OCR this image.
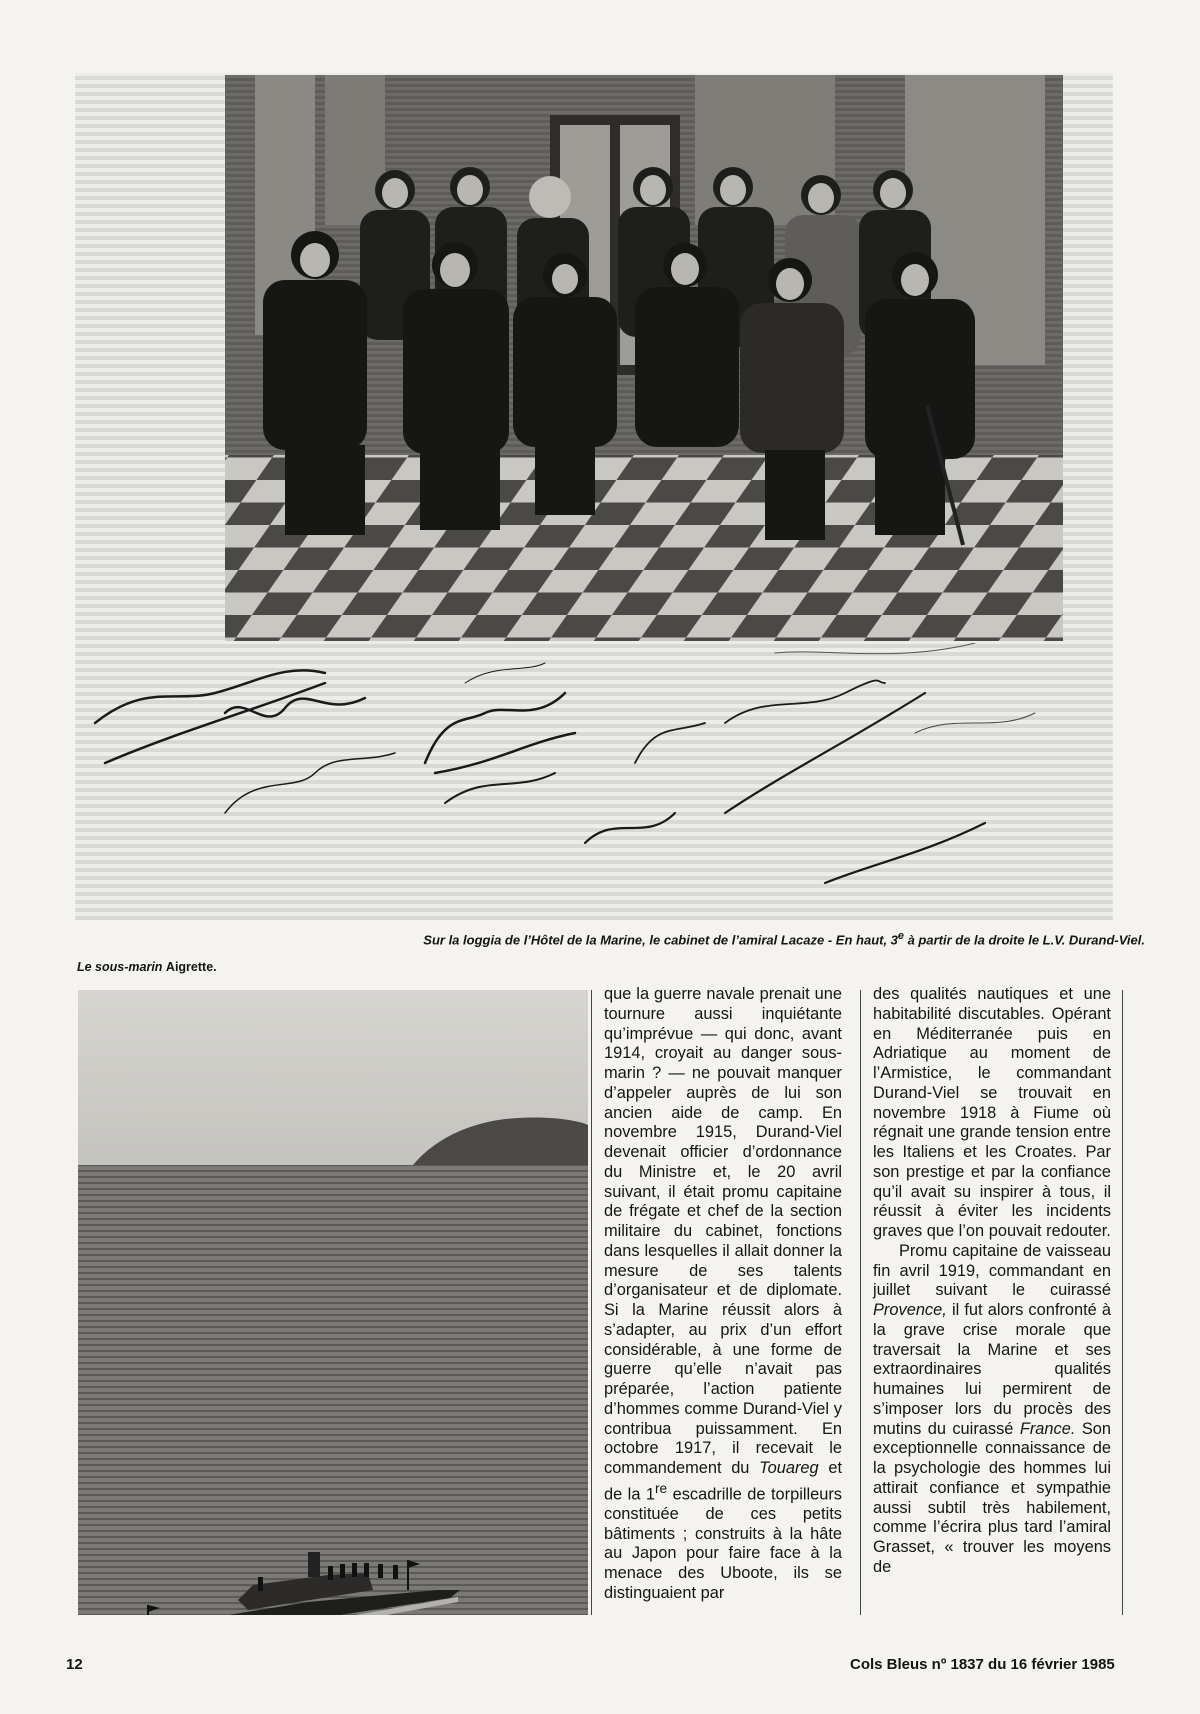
Sur la loggia de l’Hôtel de la Marine, le cabinet de l’amiral Lacaze - En haut, 3e à partir de la droite le L.V. Durand-Viel.
Le sous-marin Aigrette.

que la guerre navale prenait une tournure aussi inquiétante qu’imprévue — qui donc, avant 1914, croyait au danger sous-marin ? — ne pouvait manquer d’appeler auprès de lui son ancien aide de camp. En novembre 1915, Durand-Viel devenait officier d’ordonnance du Ministre et, le 20 avril suivant, il était promu capitaine de frégate et chef de la section militaire du cabinet, fonctions dans lesquelles il allait donner la mesure de ses talents d’organisateur et de diplomate. Si la Marine réussit alors à s’adapter, au prix d’un effort considérable, à une forme de guerre qu’elle n’avait pas préparée, l’action patiente d’hommes comme Durand-Viel y contribua puissamment. En octobre 1917, il recevait le commandement du Touareg et de la 1re escadrille de torpilleurs constituée de ces petits bâtiments ; construits à la hâte au Japon pour faire face à la menace des Uboote, ils se distinguaient par

des qualités nautiques et une habitabilité discutables. Opérant en Méditerranée puis en Adriatique au moment de l’Armistice, le commandant Durand-Viel se trouvait en novembre 1918 à Fiume où régnait une grande tension entre les Italiens et les Croates. Par son prestige et par la confiance qu’il avait su inspirer à tous, il réussit à éviter les incidents graves que l’on pouvait redouter.

Promu capitaine de vaisseau fin avril 1919, commandant en juillet suivant le cuirassé Provence, il fut alors confronté à la grave crise morale que traversait la Marine et ses extraordinaires qualités humaines lui permirent de s’imposer lors du procès des mutins du cuirassé France. Son exceptionnelle connaissance de la psychologie des hommes lui attirait confiance et sympathie aussi subtil très habilement, comme l’écrira plus tard l’amiral Grasset, « trouver les moyens de

12	Cols Bleus nº 1837 du 16 février 1985
